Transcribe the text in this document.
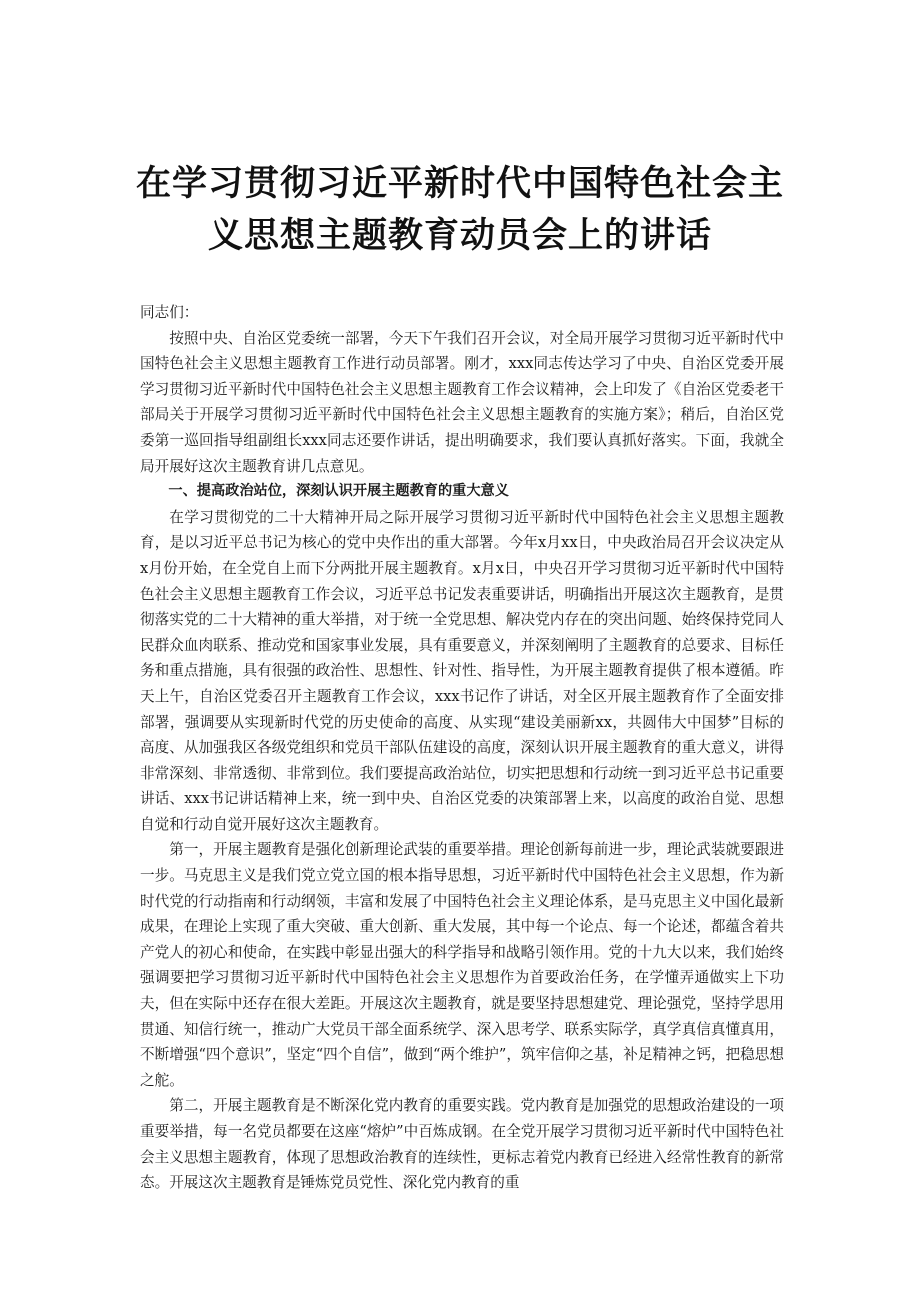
在学习贯彻习近平新时代中国特色社会主
义思想主题教育动员会上的讲话

同志们：

按照中央、自治区党委统一部署，今天下午我们召开会议，对全局开展学习贯彻习近平新时代中国特色社会主义思想主题教育工作进行动员部署。刚才，xxx同志传达学习了中央、自治区党委开展学习贯彻习近平新时代中国特色社会主义思想主题教育工作会议精神，会上印发了《自治区党委老干部局关于开展学习贯彻习近平新时代中国特色社会主义思想主题教育的实施方案》；稍后，自治区党委第一巡回指导组副组长xxx同志还要作讲话，提出明确要求，我们要认真抓好落实。下面，我就全局开展好这次主题教育讲几点意见。

一、提高政治站位，深刻认识开展主题教育的重大意义

在学习贯彻党的二十大精神开局之际开展学习贯彻习近平新时代中国特色社会主义思想主题教育，是以习近平总书记为核心的党中央作出的重大部署。今年x月xx日，中央政治局召开会议决定从x月份开始，在全党自上而下分两批开展主题教育。x月x日，中央召开学习贯彻习近平新时代中国特色社会主义思想主题教育工作会议，习近平总书记发表重要讲话，明确指出开展这次主题教育，是贯彻落实党的二十大精神的重大举措，对于统一全党思想、解决党内存在的突出问题、始终保持党同人民群众血肉联系、推动党和国家事业发展，具有重要意义，并深刻阐明了主题教育的总要求、目标任务和重点措施，具有很强的政治性、思想性、针对性、指导性，为开展主题教育提供了根本遵循。昨天上午，自治区党委召开主题教育工作会议，xxx书记作了讲话，对全区开展主题教育作了全面安排部署，强调要从实现新时代党的历史使命的高度、从实现“建设美丽新xx，共圆伟大中国梦”目标的高度、从加强我区各级党组织和党员干部队伍建设的高度，深刻认识开展主题教育的重大意义，讲得非常深刻、非常透彻、非常到位。我们要提高政治站位，切实把思想和行动统一到习近平总书记重要讲话、xxx书记讲话精神上来，统一到中央、自治区党委的决策部署上来，以高度的政治自觉、思想自觉和行动自觉开展好这次主题教育。

第一，开展主题教育是强化创新理论武装的重要举措。理论创新每前进一步，理论武装就要跟进一步。马克思主义是我们党立党立国的根本指导思想，习近平新时代中国特色社会主义思想，作为新时代党的行动指南和行动纲领，丰富和发展了中国特色社会主义理论体系，是马克思主义中国化最新成果，在理论上实现了重大突破、重大创新、重大发展，其中每一个论点、每一个论述，都蕴含着共产党人的初心和使命，在实践中彰显出强大的科学指导和战略引领作用。党的十九大以来，我们始终强调要把学习贯彻习近平新时代中国特色社会主义思想作为首要政治任务，在学懂弄通做实上下功夫，但在实际中还存在很大差距。开展这次主题教育，就是要坚持思想建党、理论强党，坚持学思用贯通、知信行统一，推动广大党员干部全面系统学、深入思考学、联系实际学，真学真信真懂真用，不断增强“四个意识”，坚定“四个自信”，做到“两个维护”，筑牢信仰之基，补足精神之钙，把稳思想之舵。

第二，开展主题教育是不断深化党内教育的重要实践。党内教育是加强党的思想政治建设的一项重要举措，每一名党员都要在这座“熔炉”中百炼成钢。在全党开展学习贯彻习近平新时代中国特色社会主义思想主题教育，体现了思想政治教育的连续性，更标志着党内教育已经进入经常性教育的新常态。开展这次主题教育是锤炼党员党性、深化党内教育的重
